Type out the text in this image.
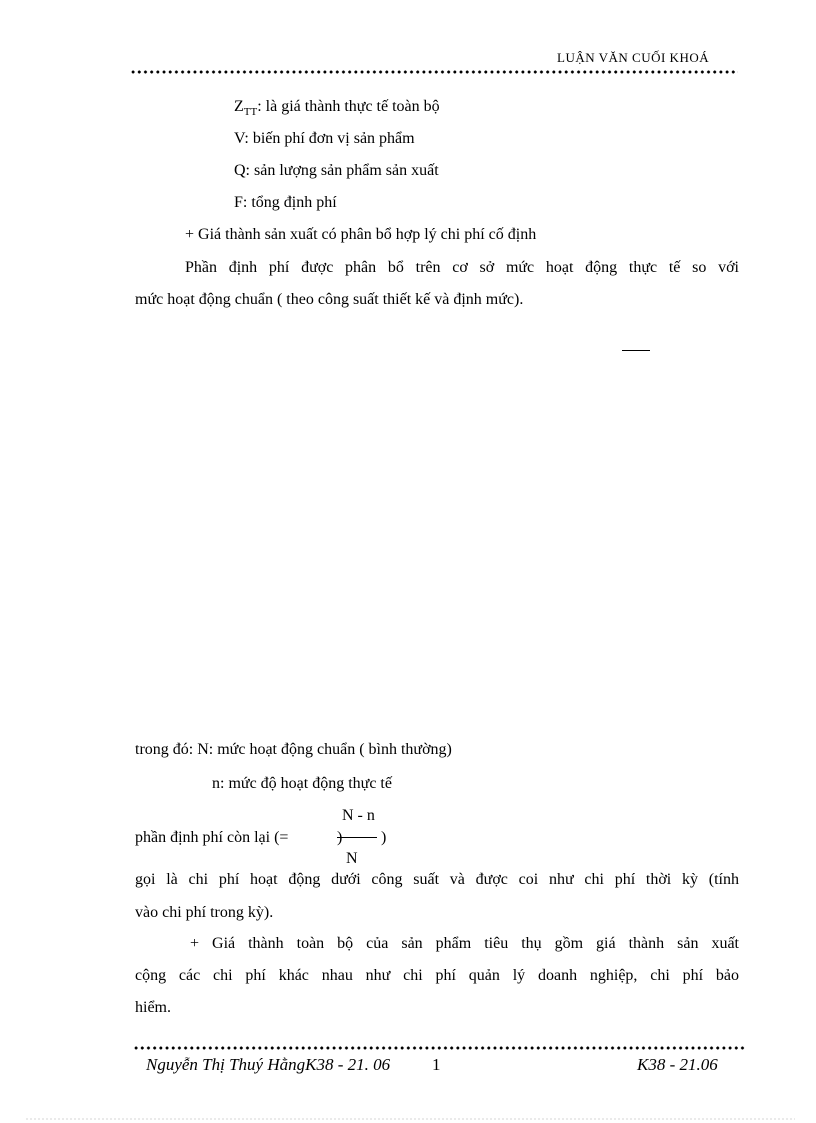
LUẬN VĂN CUỐI KHOÁ
$Z_{TT}$: là giá thành thực tế toàn bộ
V: biến phí đơn vị sản phẩm
Q: sản lượng sản phẩm sản xuất
F: tổng định phí
+ Giá thành sản xuất có phân bổ hợp lý chi phí cố định
Phần định phí được phân bổ trên cơ sở mức hoạt động thực tế so với
mức hoạt động chuẩn ( theo công suất thiết kế và định mức).
trong đó: N: mức hoạt động chuẩn ( bình thường)
n: mức độ hoạt động thực tế
N - n
phần định phí còn lại (=	)
N
gọi là chi phí hoạt động dưới công suất và được coi như chi phí thời kỳ (tính
vào chi phí trong kỳ).
+ Giá thành toàn bộ của sản phẩm tiêu thụ gồm giá thành sản xuất
cộng các chi phí khác nhau như chi phí quản lý doanh nghiệp, chi phí bảo
hiểm.
Nguyễn Thị Thuý HằngK38 - 21. 06 1	K38 - 21.06
